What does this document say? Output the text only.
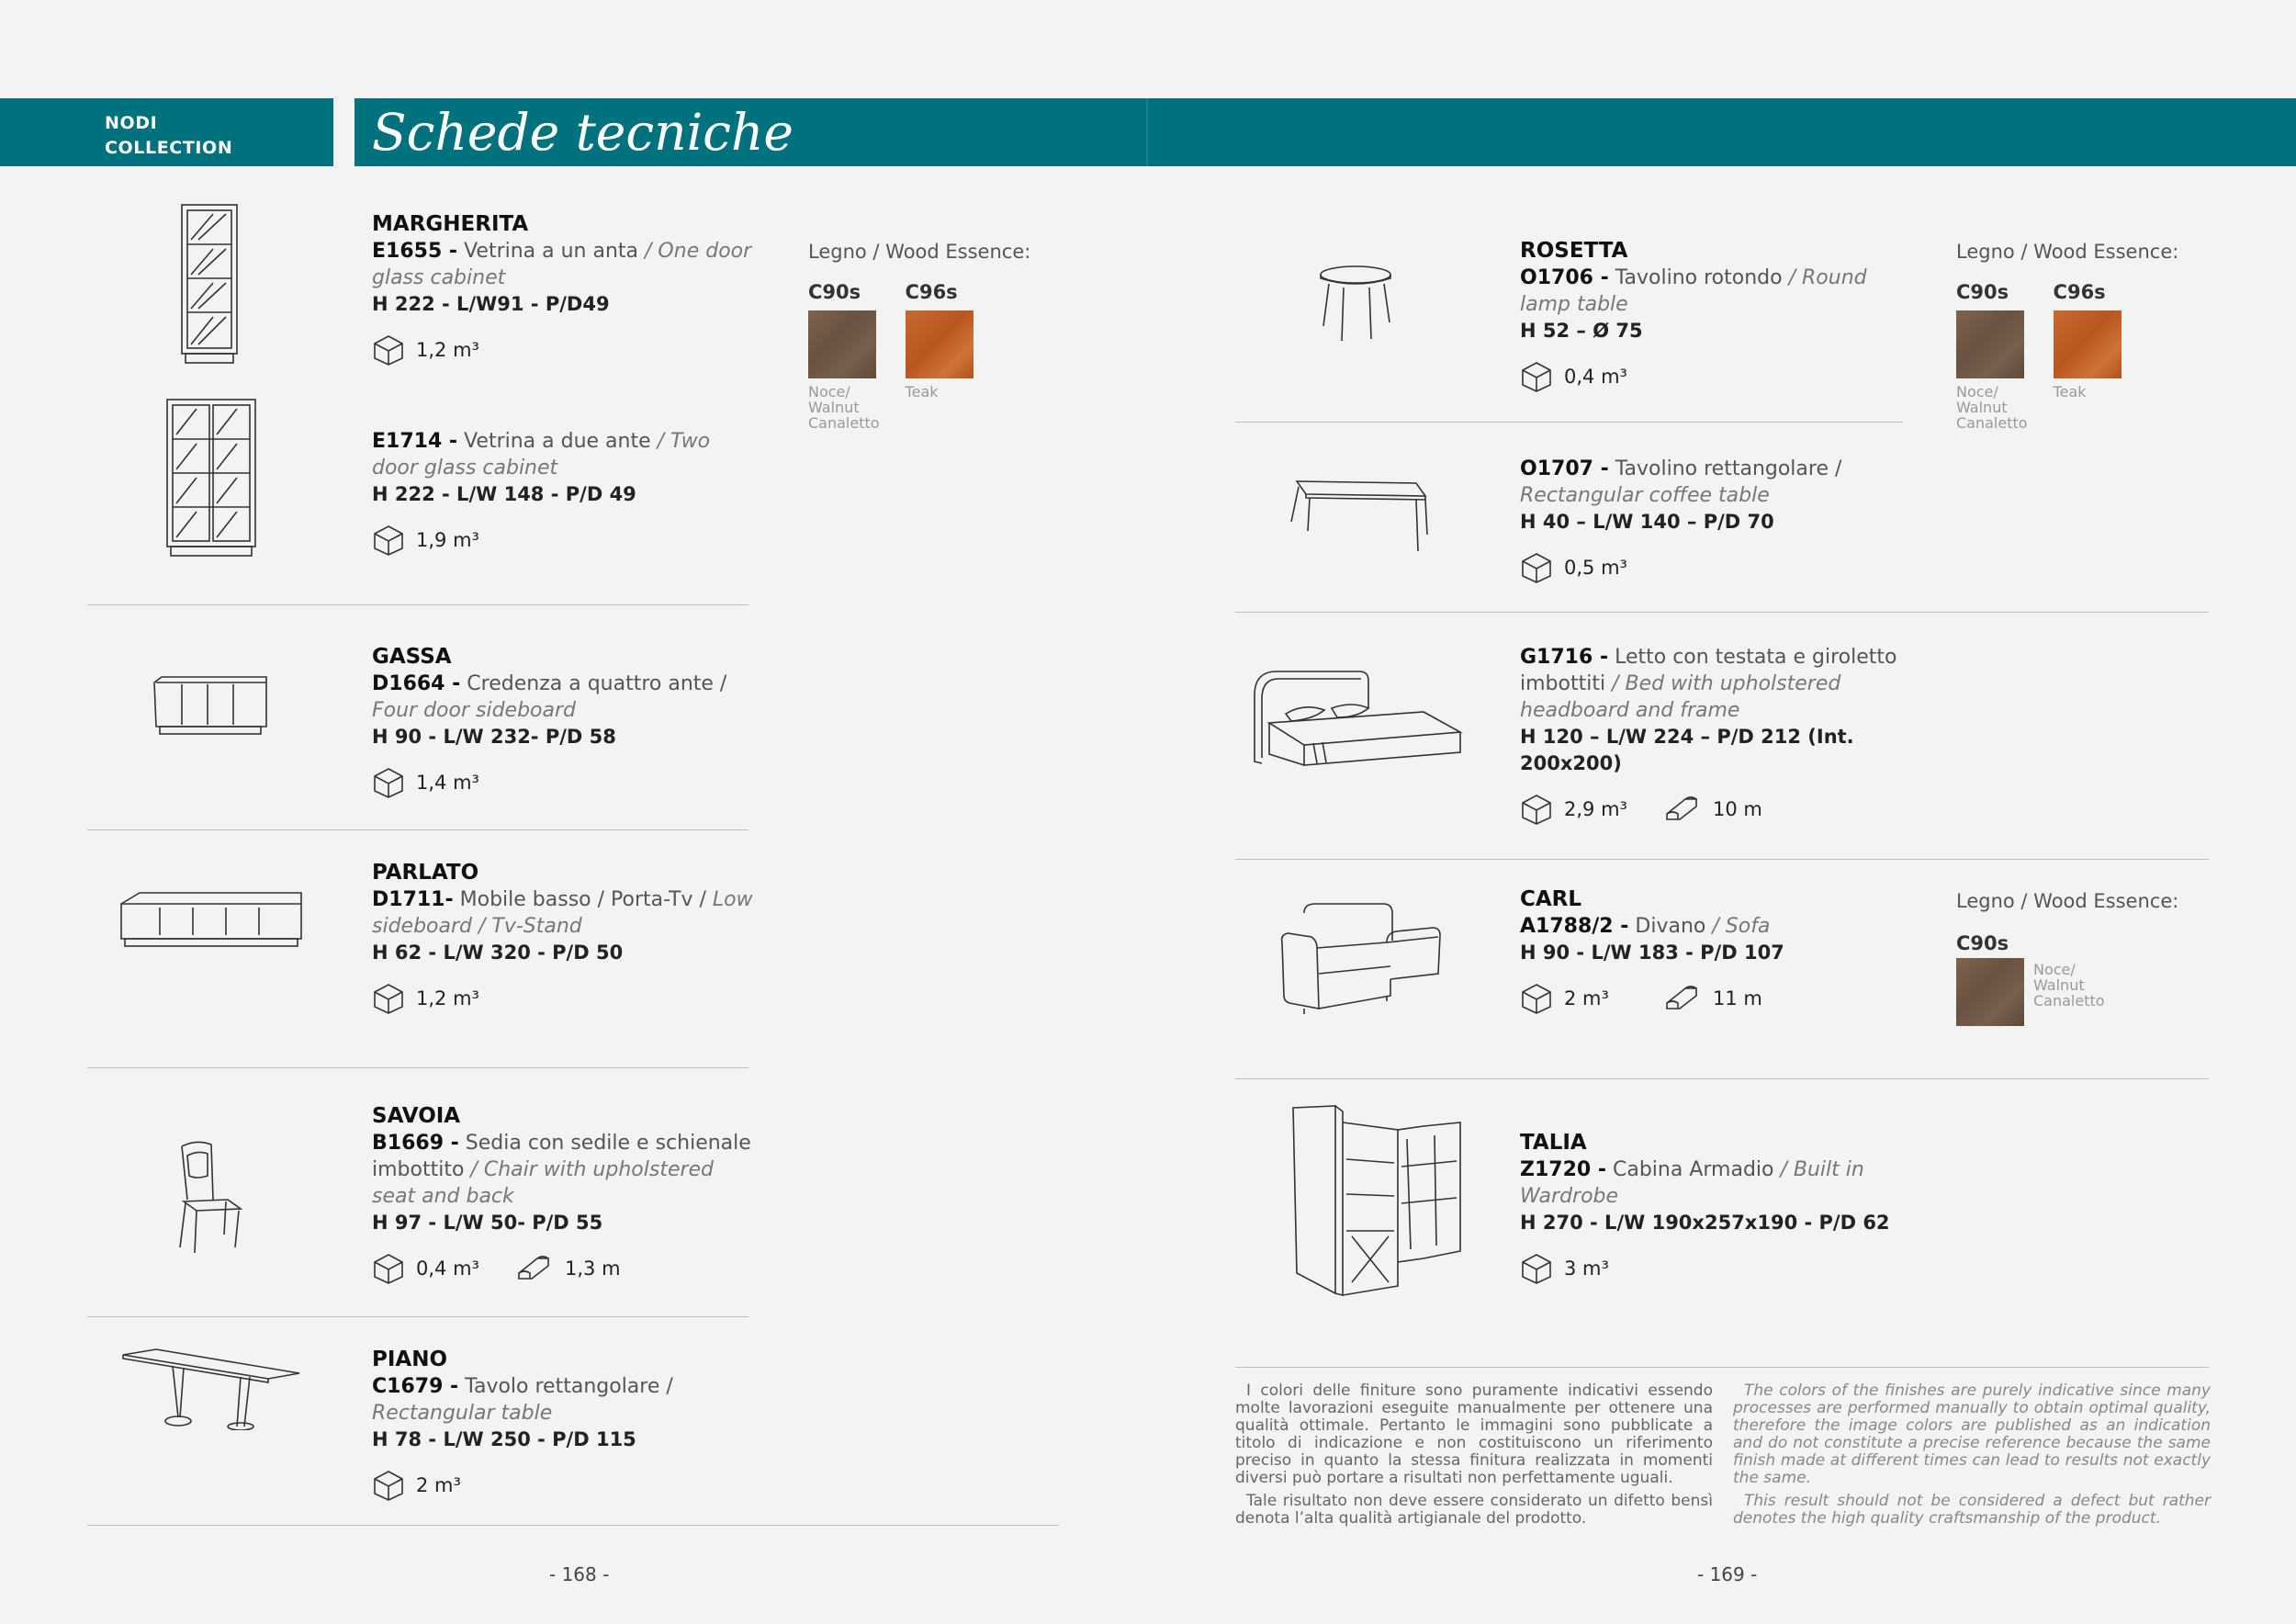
NODI
COLLECTION	Schede tecniche
MARGHERITA
E1655 - Vetrina a un anta / One door glass cabinet
H 222 - L/W91 - P/D49
1,2 m³
Legno / Wood Essence:
C90s
Noce/
Walnut
Canaletto
C96s
Teak
E1714 - Vetrina a due ante / Two door glass cabinet
H 222 - L/W 148 - P/D 49
1,9 m³
GASSA
D1664 - Credenza a quattro ante / Four door sideboard
H 90 - L/W 232- P/D 58
1,4 m³
PARLATO
D1711- Mobile basso / Porta-Tv / Low sideboard / Tv-Stand
H 62 - L/W 320 - P/D 50
1,2 m³
SAVOIA
B1669 - Sedia con sedile e schienale imbottito / Chair with upholstered seat and back
H 97 - L/W 50- P/D 55
0,4 m³	1,3 m
PIANO
C1679 - Tavolo rettangolare / Rectangular table
H 78 - L/W 250 - P/D 115
2 m³
- 168 -
ROSETTA
O1706 - Tavolino rotondo / Round lamp table
H 52 – Ø 75
0,4 m³
Legno / Wood Essence:
C90s
Noce/
Walnut
Canaletto
C96s
Teak
O1707 - Tavolino rettangolare / Rectangular coffee table
H 40 – L/W 140 – P/D 70
0,5 m³
G1716 - Letto con testata e giroletto imbottiti / Bed with upholstered headboard and frame
H 120 – L/W 224 – P/D 212 (Int. 200x200)
2,9 m³	10 m
CARL
A1788/2 - Divano / Sofa
H 90 - L/W 183 - P/D 107
2 m³	11 m
Legno / Wood Essence:
C90s
Noce/
Walnut
Canaletto
TALIA
Z1720 - Cabina Armadio / Built in Wardrobe
H 270 - L/W 190x257x190 - P/D 62
3 m³

I colori delle finiture sono puramente indicativi essendo molte lavorazioni eseguite manualmente per ottenere una qualità ottimale. Pertanto le immagini sono pubblicate a titolo di indicazione e non costituiscono un riferimento preciso in quanto la stessa finitura realizzata in momenti diversi può portare a risultati non perfettamente uguali.

Tale risultato non deve essere considerato un difetto bensì denota l’alta qualità artigianale del prodotto.

The colors of the finishes are purely indicative since many processes are performed manually to obtain optimal quality, therefore the image colors are published as an indication and do not constitute a precise reference because the same finish made at different times can lead to results not exactly the same.

This result should not be considered a defect but rather denotes the high quality craftsmanship of the product.

- 169 -
